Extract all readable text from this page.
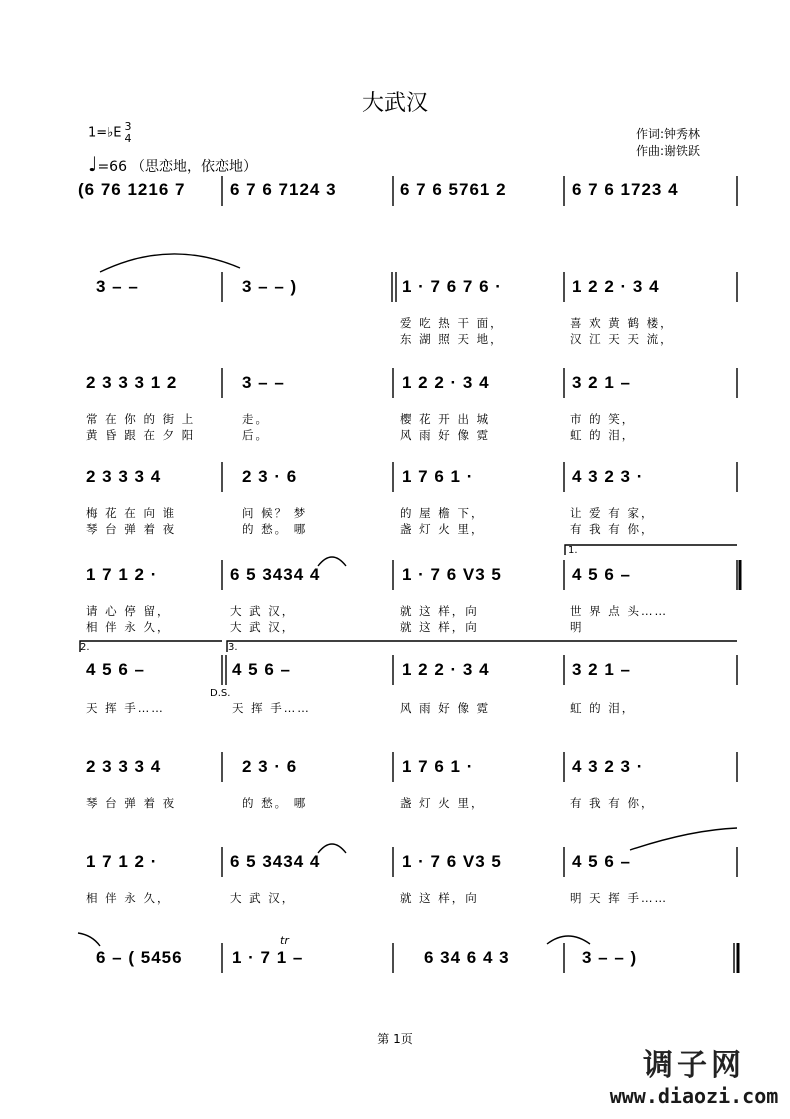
大武汉
1=♭E 3
4
♩=66 （思恋地，依恋地）
作词:钟秀林
作曲:谢铁跃
(6 76 1216 7	6 7 6 7124 3	6 7 6 5761 2	6 7 6 1723 4
3 – –	3 – – )	1 · 7 6 7 6 ·	1 2 2 · 3 4
爱 吃 热 干 面，	喜 欢 黄 鹤 楼，
东 湖 照 天 地，	汉 江 天 天 流，
2 3 3 3 1 2	3 – –	1 2 2 · 3 4	3 2 1 –
常 在 你 的 街 上	走。	樱 花 开 出 城	市 的 笑，
黄 昏 跟 在 夕 阳	后。	风 雨 好 像 霓	虹 的 泪，
2 3 3 3 4	2 3 · 6	1 7 6 1 ·	4 3 2 3 ·
梅 花 在 向 谁	问 候？ 梦	的 屋 檐 下，	让 爱 有 家，
琴 台 弹 着 夜	的 愁。 哪	盏 灯 火 里，	有 我 有 你，
1 7 1 2 ·	6 5 3434 4	1 · 7 6 V3 5	4 5 6 –
请 心 停 留，	大 武 汉，	就 这 样，向	世 界 点 头……
相 伴 永 久，	大 武 汉，	就 这 样，向	明
1.
2.	3.
4 5 6 –	4 5 6 –	1 2 2 · 3 4	3 2 1 –
D.S.
天 挥 手……	天 挥 手……	风 雨 好 像 霓	虹 的 泪，
2 3 3 3 4	2 3 · 6	1 7 6 1 ·	4 3 2 3 ·
琴 台 弹 着 夜	的 愁。 哪	盏 灯 火 里，	有 我 有 你，
1 7 1 2 ·	6 5 3434 4	1 · 7 6 V3 5	4 5 6 –
相 伴 永 久，	大 武 汉，	就 这 样，向	明 天 挥 手……
6 – ( 5456	1 · 7 1 –	6 34 6 4 3	3 – – )
tr
第 1页
调子网
www.diaozi.com
